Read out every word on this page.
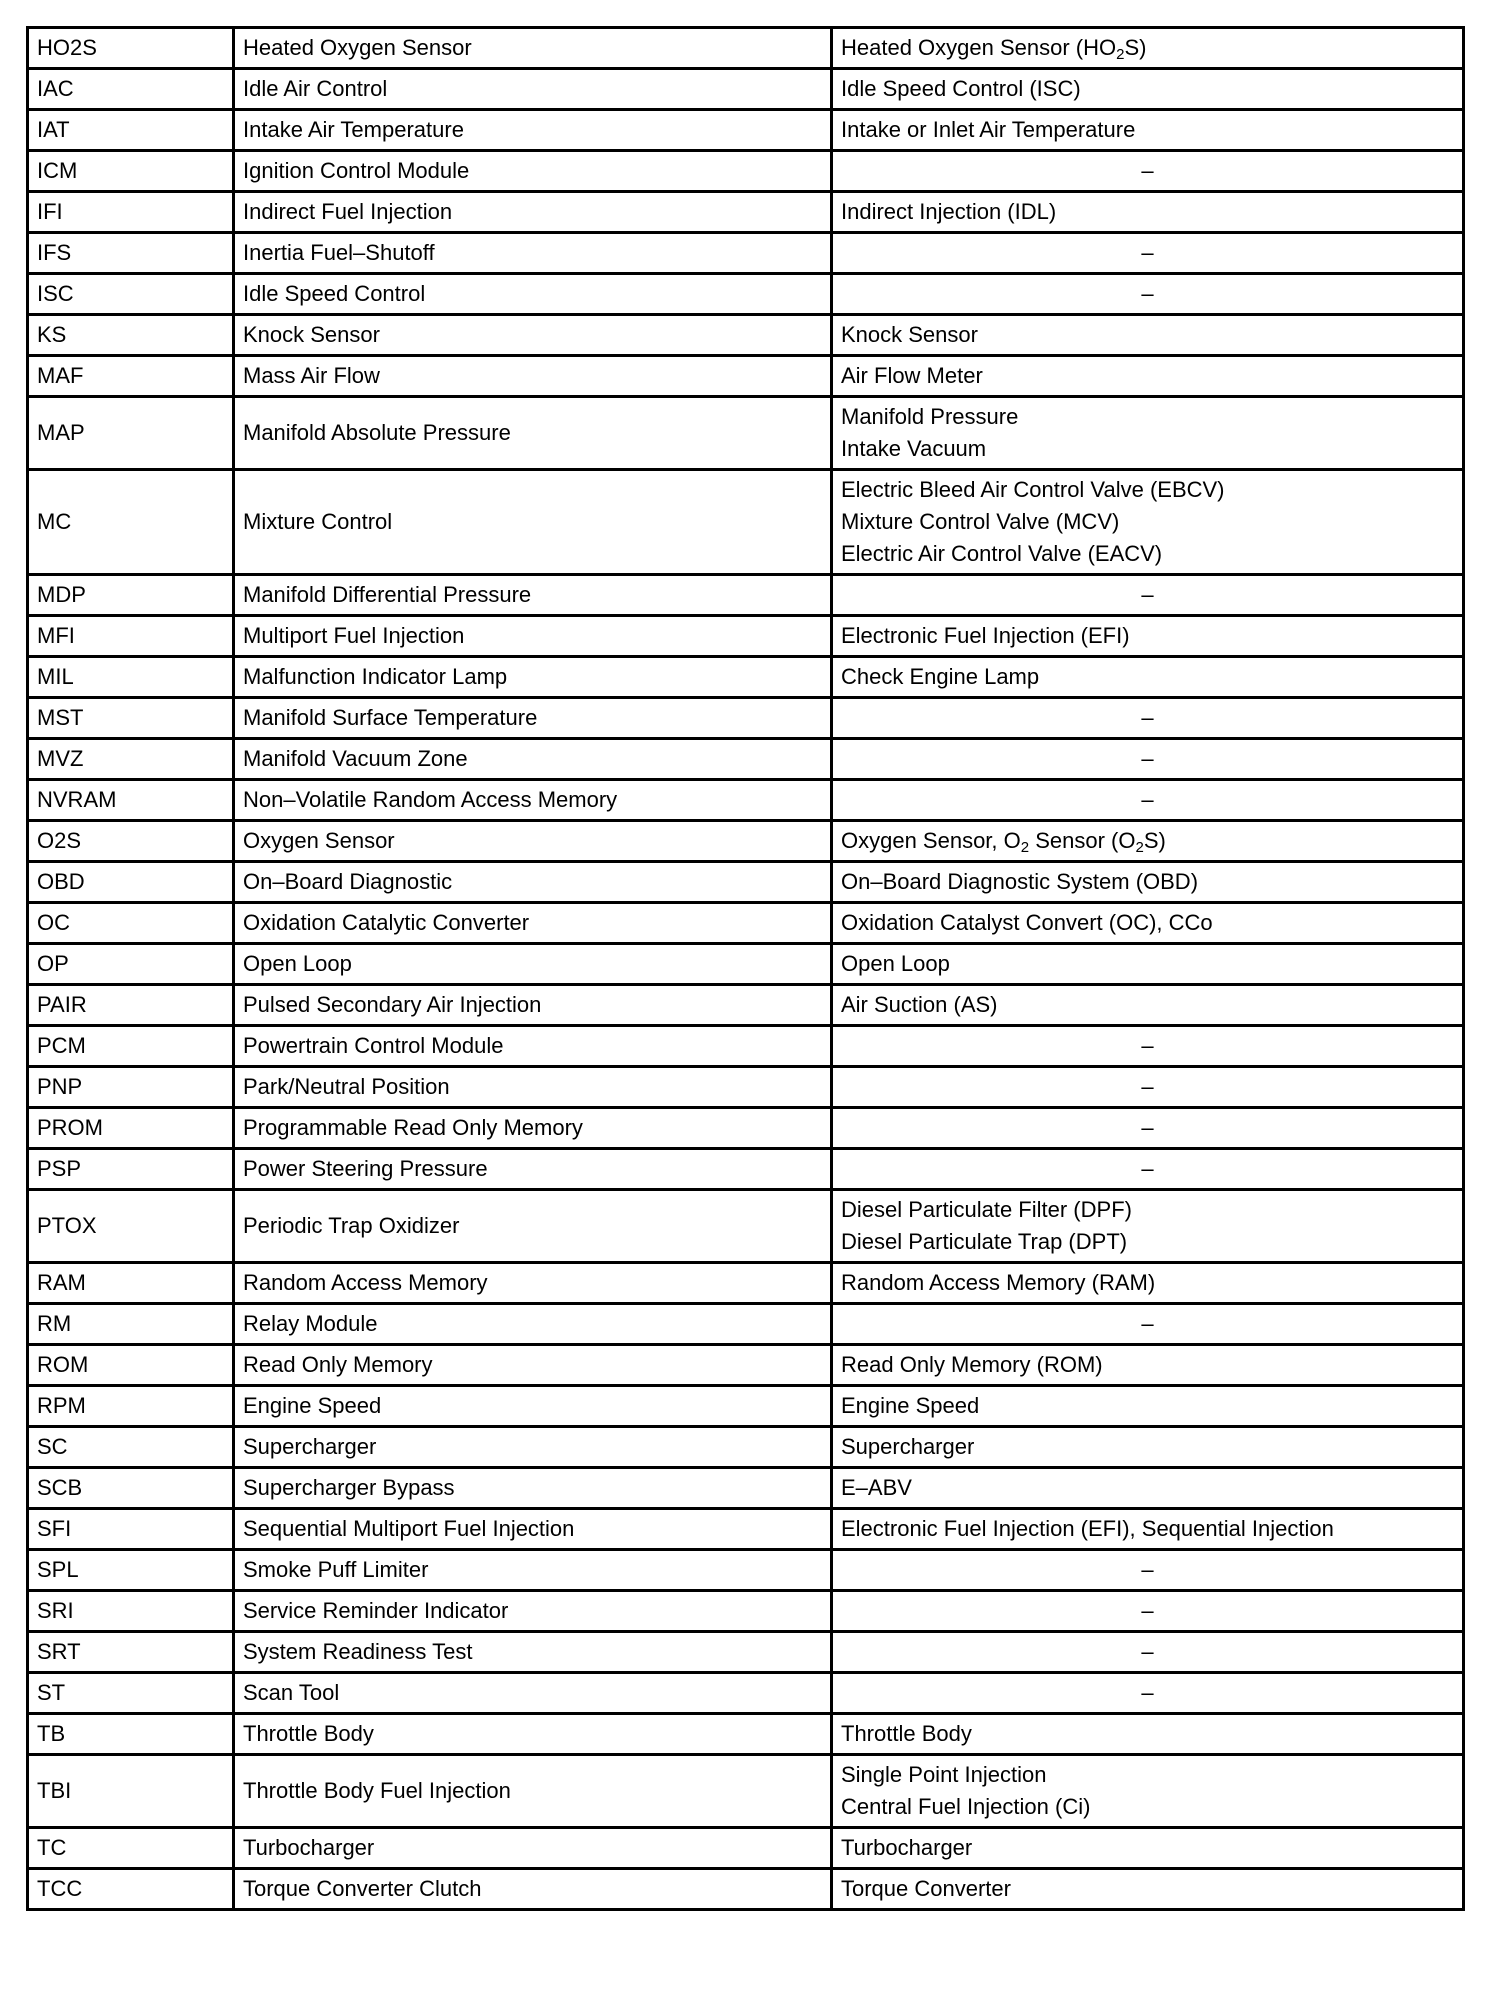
HO2S	Heated Oxygen Sensor	Heated Oxygen Sensor $(HO_2S)$

IAC	Idle Air Control	Idle Speed Control (ISC)

IAT	Intake Air Temperature	Intake or Inlet Air Temperature

ICM	Ignition Control Module	–

IFI	Indirect Fuel Injection	Indirect Injection (IDL)

IFS	Inertia Fuel–Shutoff	–

ISC	Idle Speed Control	–

KS	Knock Sensor	Knock Sensor

MAF	Mass Air Flow	Air Flow Meter

MAP	Manifold Absolute Pressure	Manifold Pressure
Intake Vacuum

MC	Mixture Control	Electric Bleed Air Control Valve (EBCV)
Mixture Control Valve (MCV)
Electric Air Control Valve (EACV)

MDP	Manifold Differential Pressure	–

MFI	Multiport Fuel Injection	Electronic Fuel Injection (EFI)

MIL	Malfunction Indicator Lamp	Check Engine Lamp

MST	Manifold Surface Temperature	–

MVZ	Manifold Vacuum Zone	–

NVRAM	Non–Volatile Random Access Memory	–

O2S	Oxygen Sensor	Oxygen Sensor, $O_2$ Sensor $(O_2S)$

OBD	On–Board Diagnostic	On–Board Diagnostic System (OBD)

OC	Oxidation Catalytic Converter	Oxidation Catalyst Convert (OC), CCo

OP	Open Loop	Open Loop

PAIR	Pulsed Secondary Air Injection	Air Suction (AS)

PCM	Powertrain Control Module	–

PNP	Park/Neutral Position	–

PROM	Programmable Read Only Memory	–

PSP	Power Steering Pressure	–

PTOX	Periodic Trap Oxidizer	Diesel Particulate Filter (DPF)
Diesel Particulate Trap (DPT)

RAM	Random Access Memory	Random Access Memory (RAM)

RM	Relay Module	–

ROM	Read Only Memory	Read Only Memory (ROM)

RPM	Engine Speed	Engine Speed

SC	Supercharger	Supercharger

SCB	Supercharger Bypass	E–ABV

SFI	Sequential Multiport Fuel Injection	Electronic Fuel Injection (EFI), Sequential Injection

SPL	Smoke Puff Limiter	–

SRI	Service Reminder Indicator	–

SRT	System Readiness Test	–

ST	Scan Tool	–

TB	Throttle Body	Throttle Body

TBI	Throttle Body Fuel Injection	Single Point Injection
Central Fuel Injection (Ci)

TC	Turbocharger	Turbocharger

TCC	Torque Converter Clutch	Torque Converter
